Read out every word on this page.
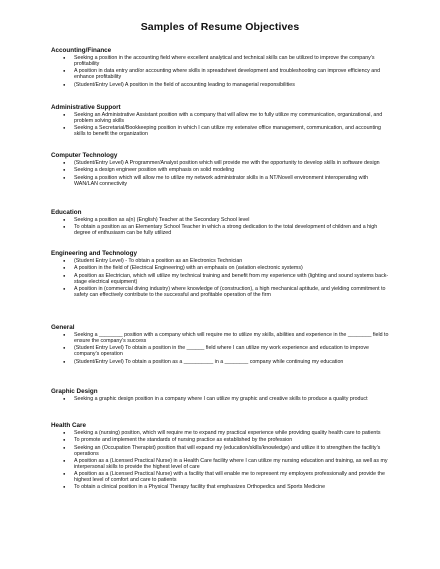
Samples of Resume Objectives
Accounting/Finance
● Seeking a position in the accounting field where excellent analytical and technical skills can be utilized to improve the company’s profitability
● A position in data entry and/or accounting where skills in spreadsheet development and troubleshooting can improve efficiency and enhance profitability
● (Student/Entry Level) A position in the field of accounting leading to managerial responsibilities
Administrative Support
● Seeking an Administrative Assistant position with a company that will allow me to fully utilize my communication, organizational, and problem solving skills
● Seeking a Secretarial/Bookkeeping position in which I can utilize my extensive office management, communication, and accounting skills to benefit the organization
Computer Technology
● (Student/Entry Level) A Programmer/Analyst position which will provide me with the opportunity to develop skills in software design
● Seeking a design engineer position with emphasis on solid modeling
● Seeking a position which will allow me to utilize my network administrator skills in a NT/Novell environment interoperating with WAN/LAN connectivity
Education
● Seeking a position as a(n) (English) Teacher at the Secondary School level
● To obtain a position as an Elementary School Teacher in which a strong dedication to the total development of children and a high degree of enthusiasm can be fully utilized
Engineering and Technology
● (Student Entry Level) - To obtain a position as an Electronics Technician
● A position in the field of (Electrical Engineering) with an emphasis on (aviation electronic systems)
● A position as Electrician, which will utilize my technical training and benefit from my experience with (lighting and sound systems back-stage electrical equipment)
● A position in (commercial diving industry) where knowledge of (construction), a high mechanical aptitude, and yielding commitment to safety can effectively contribute to the successful and profitable operation of the firm
General
● Seeking a ________ position with a company which will require me to utilize my skills, abilities and experience in the ________ field to ensure the company’s success
● (Student Entry Level) To obtain a position in the ______ field where I can utilize my work experience and education to improve company’s operation
● (Student/Entry Level) To obtain a position as a __________ in a ________ company while continuing my education
Graphic Design
● Seeking a graphic design position in a company where I can utilize my graphic and creative skills to produce a quality product
Health Care
● Seeking a (nursing) position, which will require me to expand my practical experience while providing quality health care to patients
● To promote and implement the standards of nursing practice as established by the profession
● Seeking an (Occupation Therapist) position that will expand my (education/skills/knowledge) and utilize it to strengthen the facility’s operations
● A position as a (Licensed Practical Nurse) in a Health Care facility where I can utilize my nursing education and training, as well as my interpersonal skills to provide the highest level of care
● A position as a (Licensed Practical Nurse) with a facility that will enable me to represent my employers professionally and provide the highest level of comfort and care to patients
● To obtain a clinical position in a Physical Therapy facility that emphasizes Orthopedics and Sports Medicine
